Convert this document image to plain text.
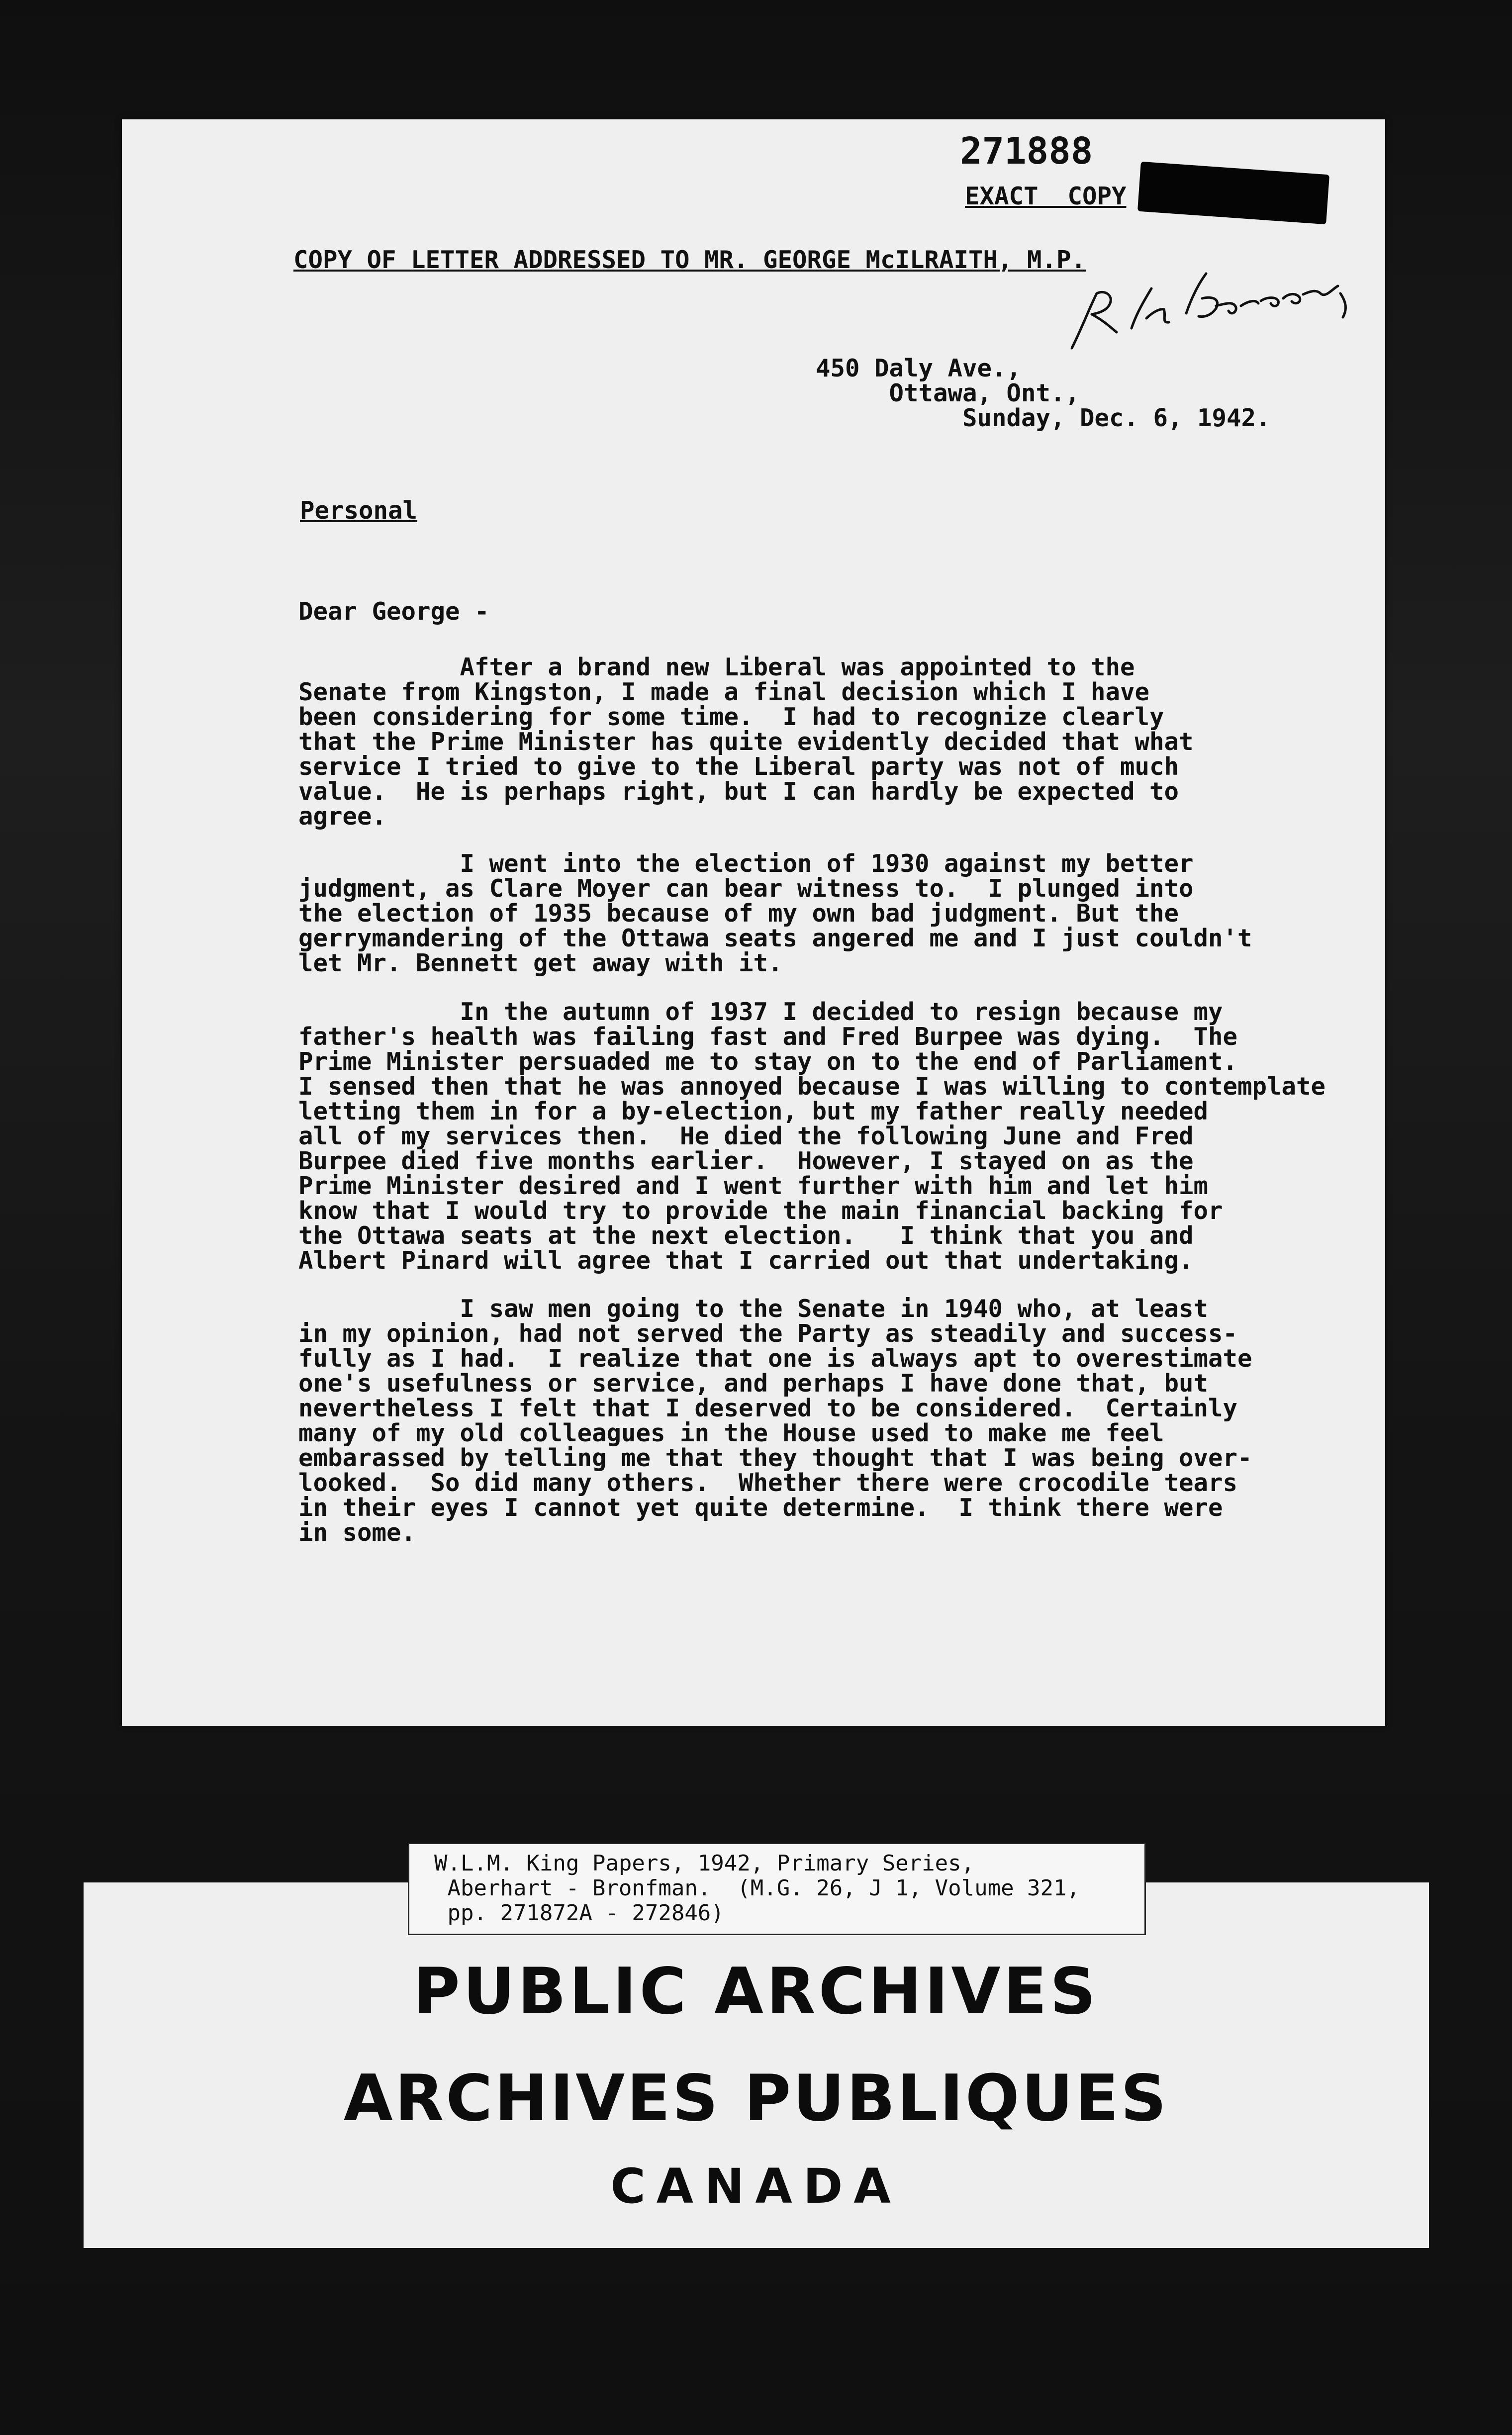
271888
EXACT  COPY
COPY OF LETTER ADDRESSED TO MR. GEORGE McILRAITH, M.P.
450 Daly Ave.,
Ottawa, Ont.,
Sunday, Dec. 6, 1942.
Personal
Dear George -
After a brand new Liberal was appointed to the
Senate from Kingston, I made a final decision which I have
been considering for some time.  I had to recognize clearly
that the Prime Minister has quite evidently decided that what
service I tried to give to the Liberal party was not of much
value.  He is perhaps right, but I can hardly be expected to
agree.
I went into the election of 1930 against my better
judgment, as Clare Moyer can bear witness to.  I plunged into
the election of 1935 because of my own bad judgment. But the
gerrymandering of the Ottawa seats angered me and I just couldn't
let Mr. Bennett get away with it.
In the autumn of 1937 I decided to resign because my
father's health was failing fast and Fred Burpee was dying.  The
Prime Minister persuaded me to stay on to the end of Parliament.
I sensed then that he was annoyed because I was willing to contemplate
letting them in for a by-election, but my father really needed
all of my services then.  He died the following June and Fred
Burpee died five months earlier.  However, I stayed on as the
Prime Minister desired and I went further with him and let him
know that I would try to provide the main financial backing for
the Ottawa seats at the next election.   I think that you and
Albert Pinard will agree that I carried out that undertaking.
I saw men going to the Senate in 1940 who, at least
in my opinion, had not served the Party as steadily and success-
fully as I had.  I realize that one is always apt to overestimate
one's usefulness or service, and perhaps I have done that, but
nevertheless I felt that I deserved to be considered.  Certainly
many of my old colleagues in the House used to make me feel
embarassed by telling me that they thought that I was being over-
looked.  So did many others.  Whether there were crocodile tears
in their eyes I cannot yet quite determine.  I think there were
in some.
W.L.M. King Papers, 1942, Primary Series,
Aberhart - Bronfman.  (M.G. 26, J 1, Volume 321,
pp. 271872A - 272846)
PUBLIC ARCHIVES
ARCHIVES PUBLIQUES
CANADA
